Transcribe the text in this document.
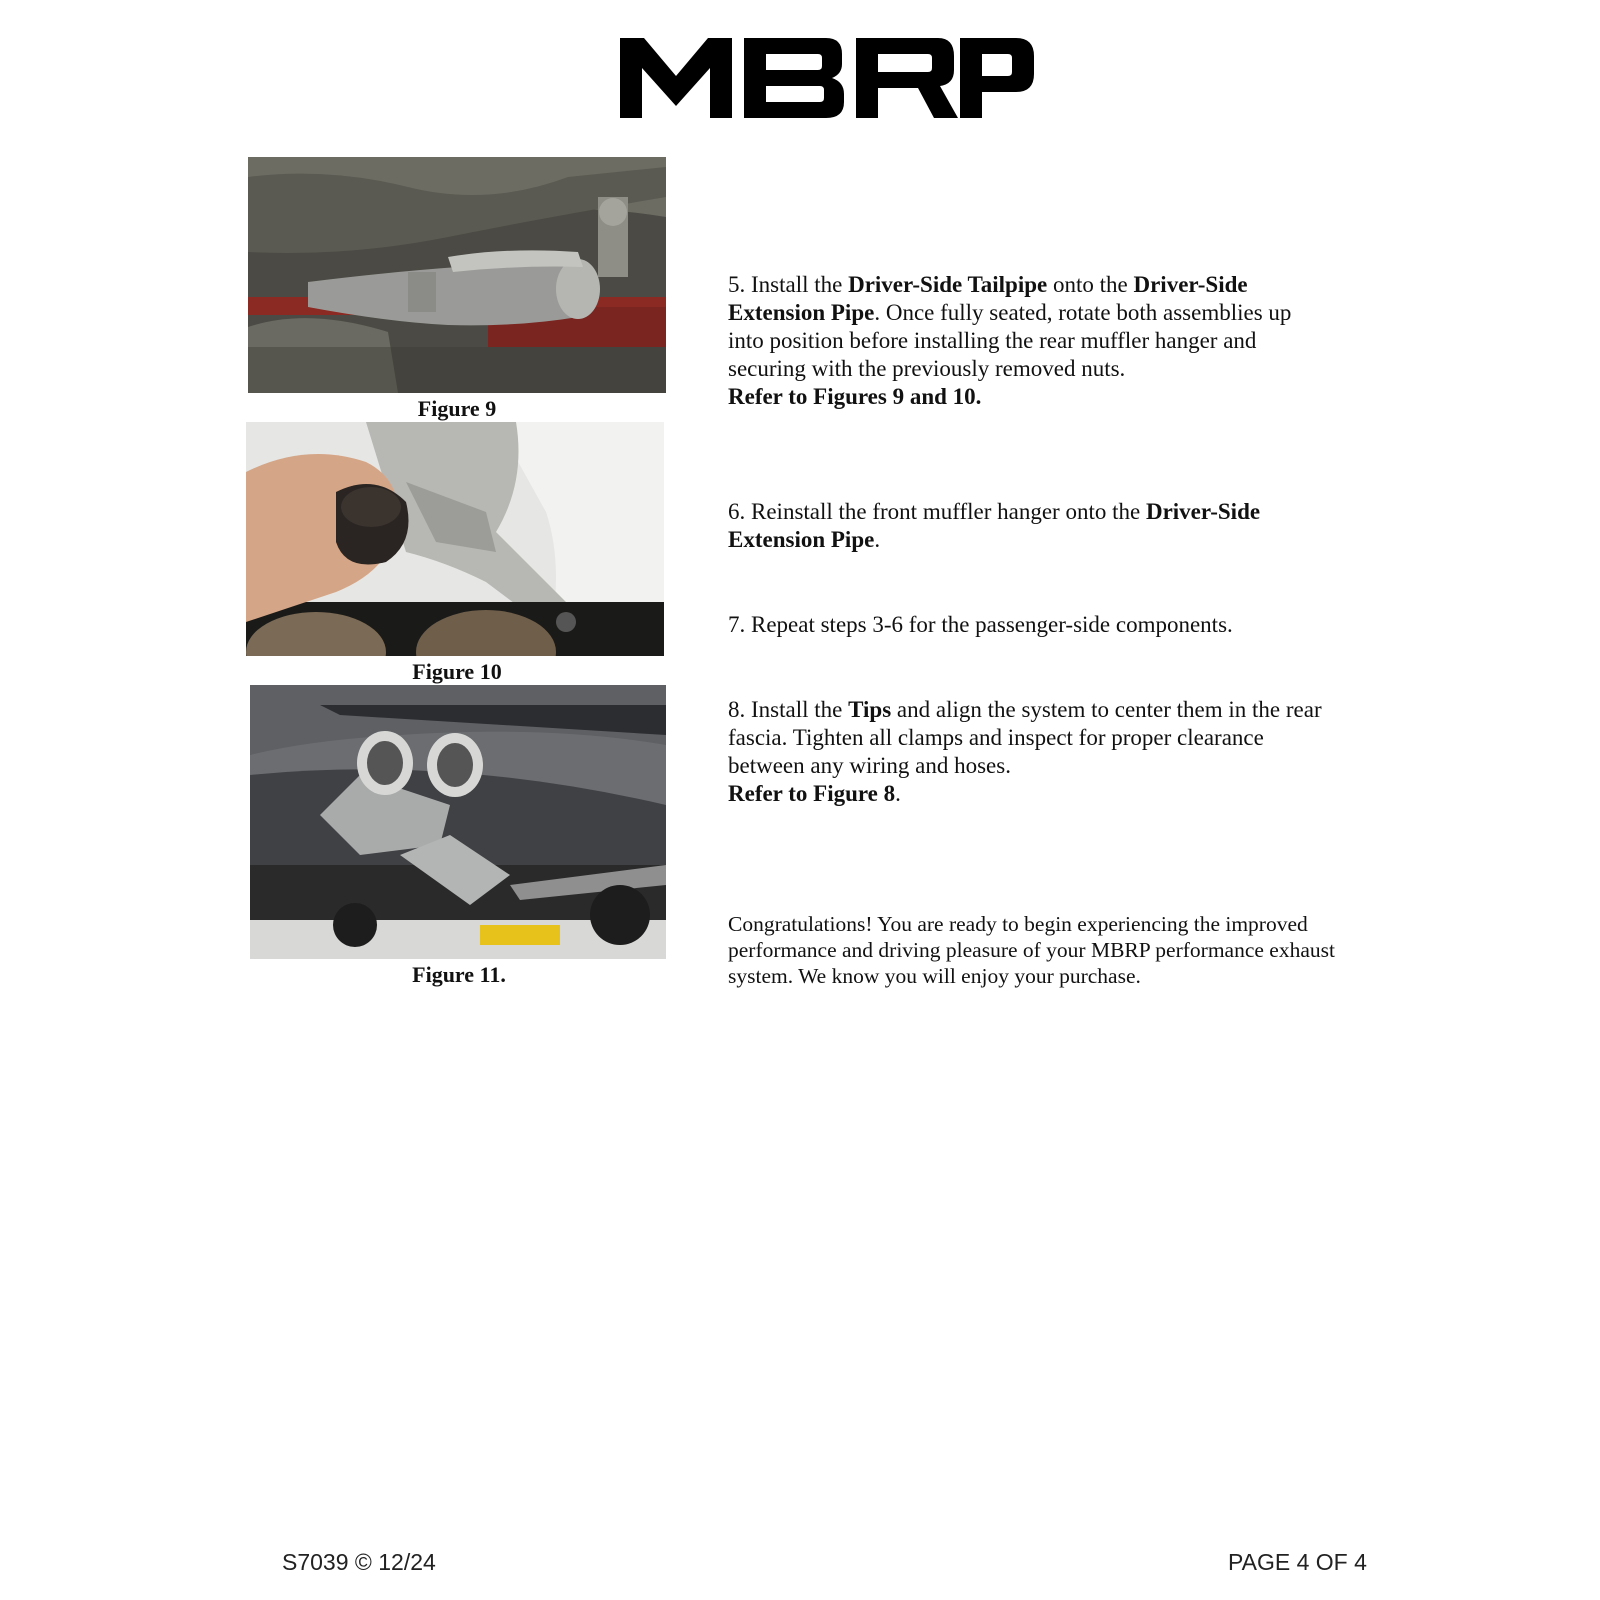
Figure 9
Figure 10
Figure 11.

5. Install the Driver-Side Tailpipe onto the Driver-Side Extension Pipe. Once fully seated, rotate both assemblies up into position before installing the rear muffler hanger and securing with the previously removed nuts.
Refer to Figures 9 and 10.

6. Reinstall the front muffler hanger onto the Driver-Side Extension Pipe.

7. Repeat steps 3-6 for the passenger-side components.

8. Install the Tips and align the system to center them in the rear fascia. Tighten all clamps and inspect for proper clearance between any wiring and hoses.
Refer to Figure 8.

Congratulations! You are ready to begin experiencing the improved performance and driving pleasure of your MBRP performance exhaust system. We know you will enjoy your purchase.

S7039 © 12/24	PAGE 4 OF 4
